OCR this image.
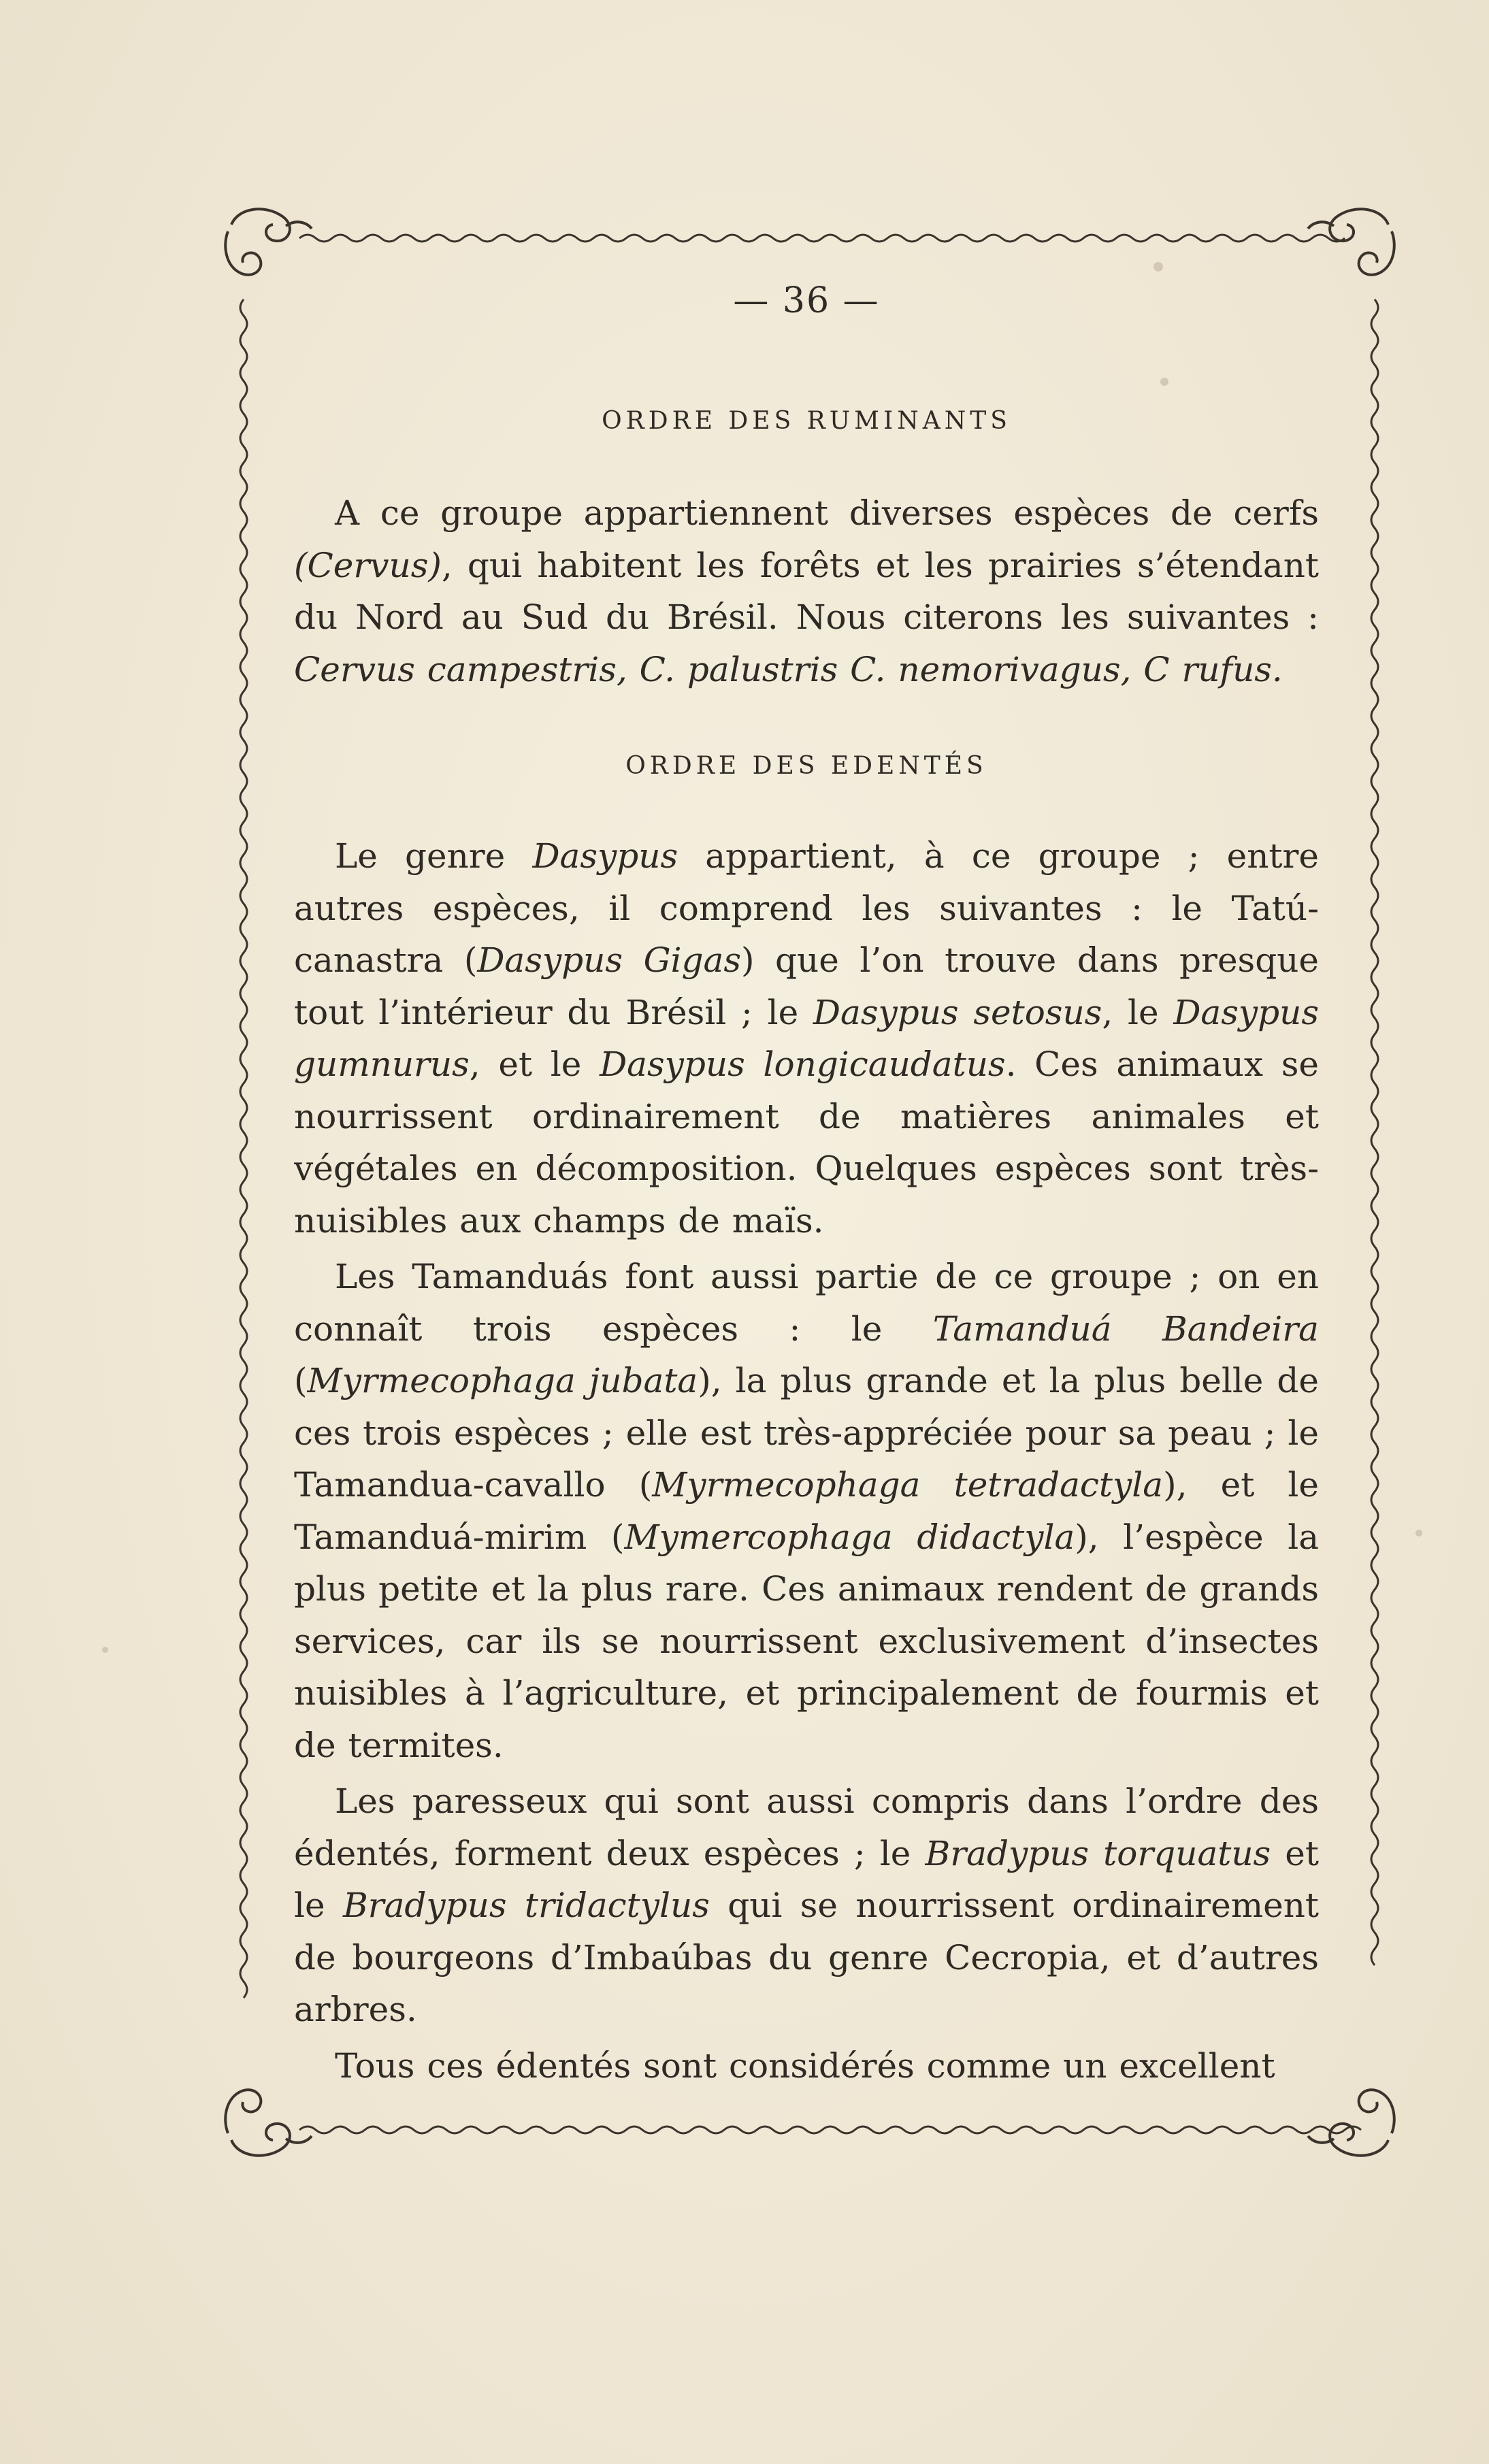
— 36 —

ORDRE DES RUMINANTS

A ce groupe appartiennent diverses espèces de cerfs (Cervus), qui habitent les forêts et les prairies s’étendant du Nord au Sud du Brésil. Nous citerons les suivantes : Cervus campestris, C. palustris C. nemorivagus, C rufus.

ORDRE DES EDENTÉS

Le genre Dasypus appartient, à ce groupe ; entre autres espèces, il comprend les suivantes : le Tatú-canastra (Dasypus Gigas) que l’on trouve dans presque tout l’intérieur du Brésil ; le Dasypus setosus, le Dasypus gumnurus, et le Dasypus longicaudatus. Ces animaux se nourrissent ordinairement de matières animales et végétales en décomposition. Quelques espèces sont très-nuisibles aux champs de maïs.

Les Tamanduás font aussi partie de ce groupe ; on en connaît trois espèces : le Tamanduá Bandeira (Myrmecophaga jubata), la plus grande et la plus belle de ces trois espèces ; elle est très-appréciée pour sa peau ; le Tamandua-cavallo (Myrmecophaga tetradactyla), et le Tamanduá-mirim (Mymercophaga didactyla), l’espèce la plus petite et la plus rare. Ces animaux rendent de grands services, car ils se nourrissent exclusivement d’insectes nuisibles à l’agriculture, et principalement de fourmis et de termites.

Les paresseux qui sont aussi compris dans l’ordre des édentés, forment deux espèces ; le Bradypus torquatus et le Bradypus tridactylus qui se nourrissent ordinairement de bourgeons d’Imbaúbas du genre Cecropia, et d’autres arbres.

Tous ces édentés sont considérés comme un excellent
